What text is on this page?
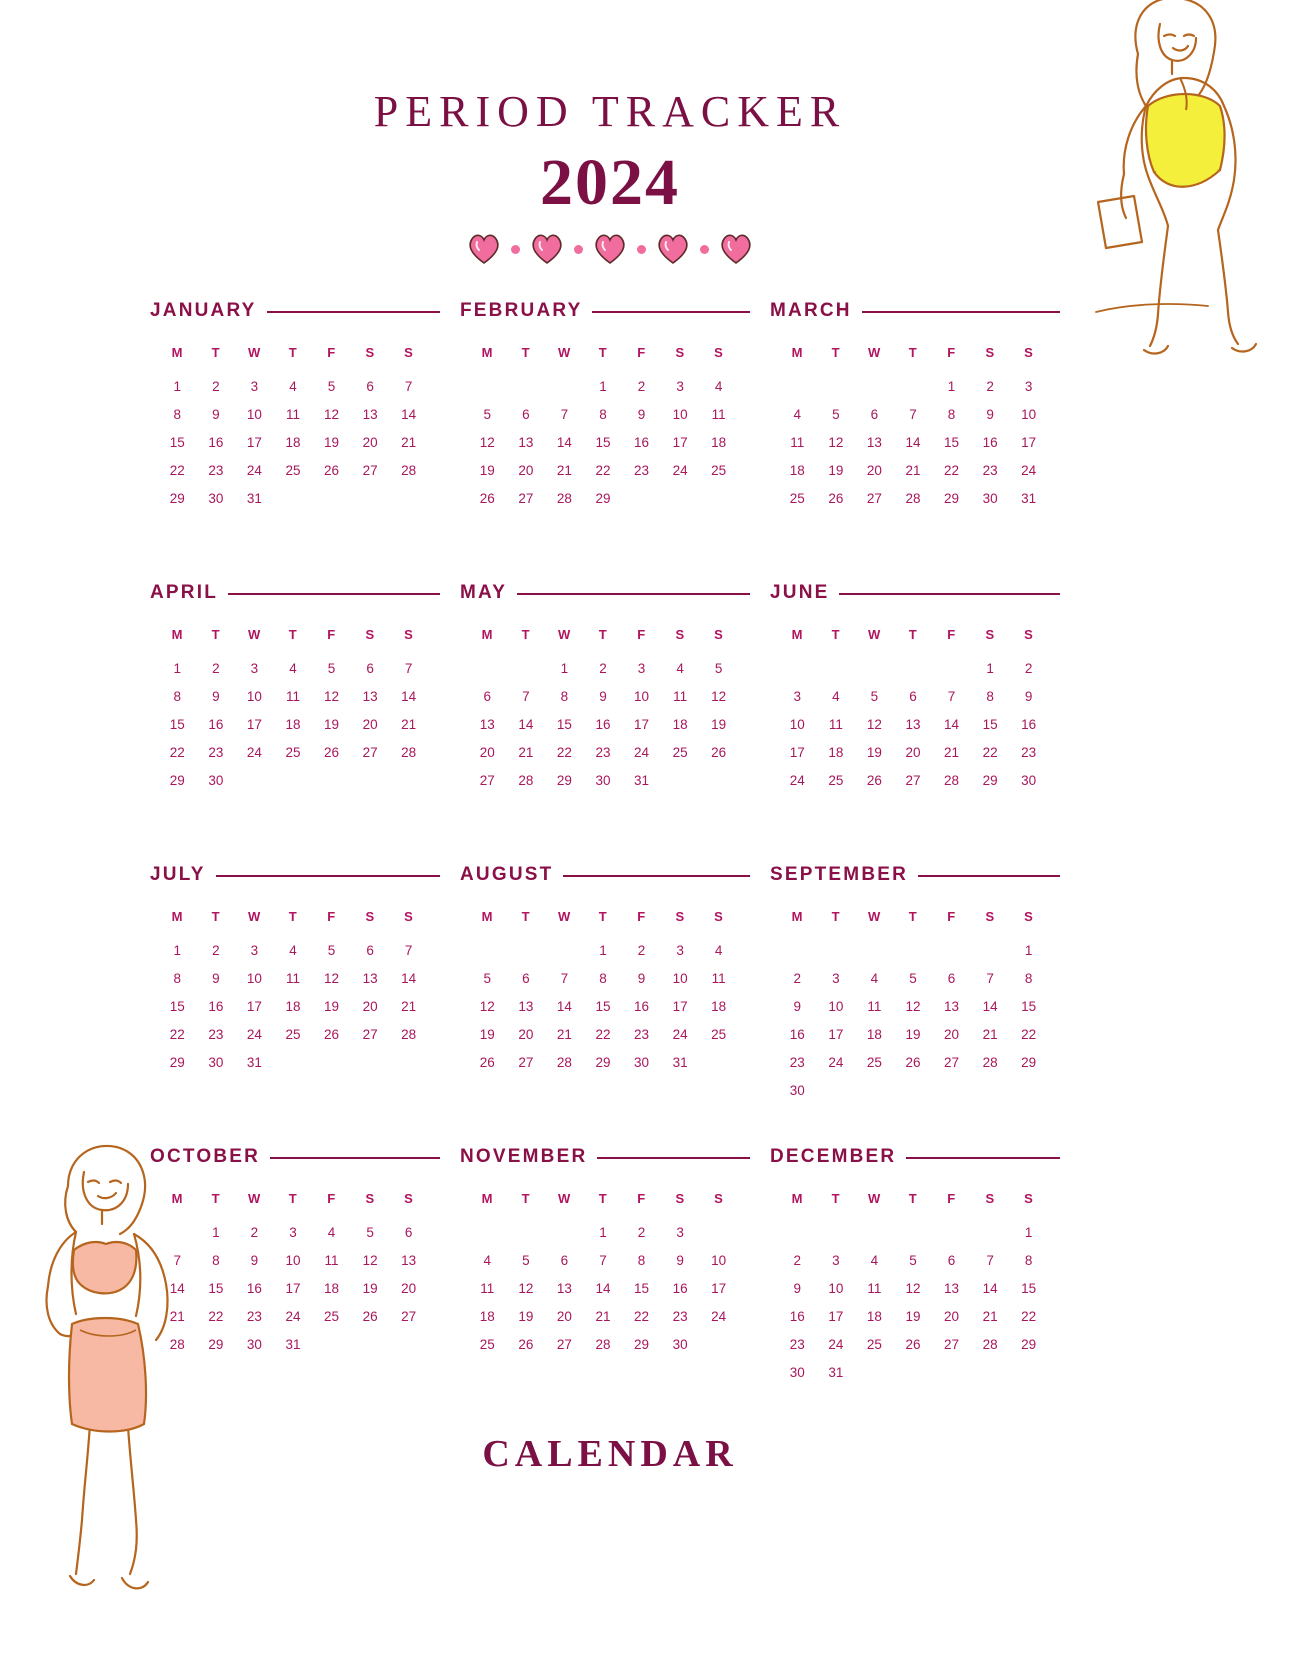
PERIOD TRACKER
2024
JANUARY
M	T	W	T	F	S	S
1	2	3	4	5	6	7
8	9	10	11	12	13	14
15	16	17	18	19	20	21
22	23	24	25	26	27	28
29	30	31				
FEBRUARY
M	T	W	T	F	S	S
			1	2	3	4
5	6	7	8	9	10	11
12	13	14	15	16	17	18
19	20	21	22	23	24	25
26	27	28	29			
MARCH
M	T	W	T	F	S	S
				1	2	3
4	5	6	7	8	9	10
11	12	13	14	15	16	17
18	19	20	21	22	23	24
25	26	27	28	29	30	31
APRIL
M	T	W	T	F	S	S
1	2	3	4	5	6	7
8	9	10	11	12	13	14
15	16	17	18	19	20	21
22	23	24	25	26	27	28
29	30					
MAY
M	T	W	T	F	S	S
		1	2	3	4	5
6	7	8	9	10	11	12
13	14	15	16	17	18	19
20	21	22	23	24	25	26
27	28	29	30	31		
JUNE
M	T	W	T	F	S	S
					1	2
3	4	5	6	7	8	9
10	11	12	13	14	15	16
17	18	19	20	21	22	23
24	25	26	27	28	29	30
JULY
M	T	W	T	F	S	S
1	2	3	4	5	6	7
8	9	10	11	12	13	14
15	16	17	18	19	20	21
22	23	24	25	26	27	28
29	30	31				
AUGUST
M	T	W	T	F	S	S
			1	2	3	4
5	6	7	8	9	10	11
12	13	14	15	16	17	18
19	20	21	22	23	24	25
26	27	28	29	30	31	
SEPTEMBER
M	T	W	T	F	S	S
						1
2	3	4	5	6	7	8
9	10	11	12	13	14	15
16	17	18	19	20	21	22
23	24	25	26	27	28	29
30						
OCTOBER
M	T	W	T	F	S	S
	1	2	3	4	5	6
7	8	9	10	11	12	13
14	15	16	17	18	19	20
21	22	23	24	25	26	27
28	29	30	31			
NOVEMBER
M	T	W	T	F	S	S
			1	2	3	
4	5	6	7	8	9	10
11	12	13	14	15	16	17
18	19	20	21	22	23	24
25	26	27	28	29	30	
DECEMBER
M	T	W	T	F	S	S
						1
2	3	4	5	6	7	8
9	10	11	12	13	14	15
16	17	18	19	20	21	22
23	24	25	26	27	28	29
30	31					
CALENDAR
